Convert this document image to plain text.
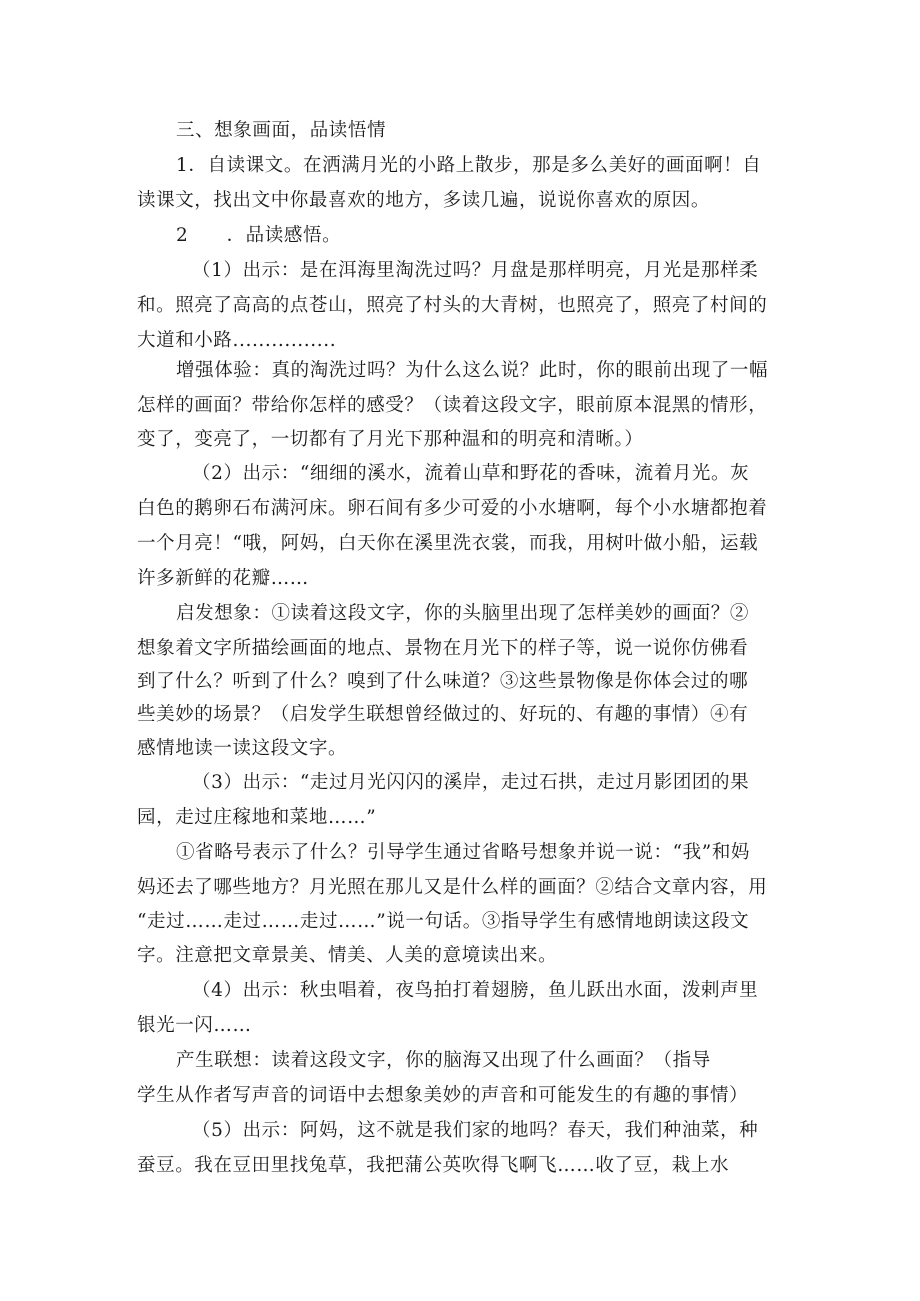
三、想象画面，品读悟情
1．自读课文。在洒满月光的小路上散步，那是多么美好的画面啊！自
读课文，找出文中你最喜欢的地方，多读几遍，说说你喜欢的原因。
2　　．品读感悟。
（1）出示：是在洱海里淘洗过吗？月盘是那样明亮，月光是那样柔
和。照亮了高高的点苍山，照亮了村头的大青树，也照亮了，照亮了村间的
大道和小路................
增强体验：真的淘洗过吗？为什么这么说？此时，你的眼前出现了一幅
怎样的画面？带给你怎样的感受？（读着这段文字，眼前原本混黑的情形，
变了，变亮了，一切都有了月光下那种温和的明亮和清晰。）
（2）出示：“细细的溪水，流着山草和野花的香味，流着月光。灰
白色的鹅卵石布满河床。卵石间有多少可爱的小水塘啊，每个小水塘都抱着
一个月亮！“哦，阿妈，白天你在溪里洗衣裳，而我，用树叶做小船，运载
许多新鲜的花瓣……
启发想象：①读着这段文字，你的头脑里出现了怎样美妙的画面？②
想象着文字所描绘画面的地点、景物在月光下的样子等，说一说你仿佛看
到了什么？听到了什么？嗅到了什么味道？③这些景物像是你体会过的哪
些美妙的场景？（启发学生联想曾经做过的、好玩的、有趣的事情）④有
感情地读一读这段文字。
（3）出示：“走过月光闪闪的溪岸，走过石拱，走过月影团团的果
园，走过庄稼地和菜地……”
①省略号表示了什么？引导学生通过省略号想象并说一说：“我”和妈
妈还去了哪些地方？月光照在那儿又是什么样的画面？②结合文章内容，用
“走过……走过……走过……”说一句话。③指导学生有感情地朗读这段文
字。注意把文章景美、情美、人美的意境读出来。
（4）出示：秋虫唱着，夜鸟拍打着翅膀，鱼儿跃出水面，泼剌声里
银光一闪……
产生联想：读着这段文字，你的脑海又出现了什么画面？（指导
学生从作者写声音的词语中去想象美妙的声音和可能发生的有趣的事情）
（5）出示：阿妈，这不就是我们家的地吗？春天，我们种油菜，种
蚕豆。我在豆田里找兔草，我把蒲公英吹得飞啊飞……收了豆，栽上水
